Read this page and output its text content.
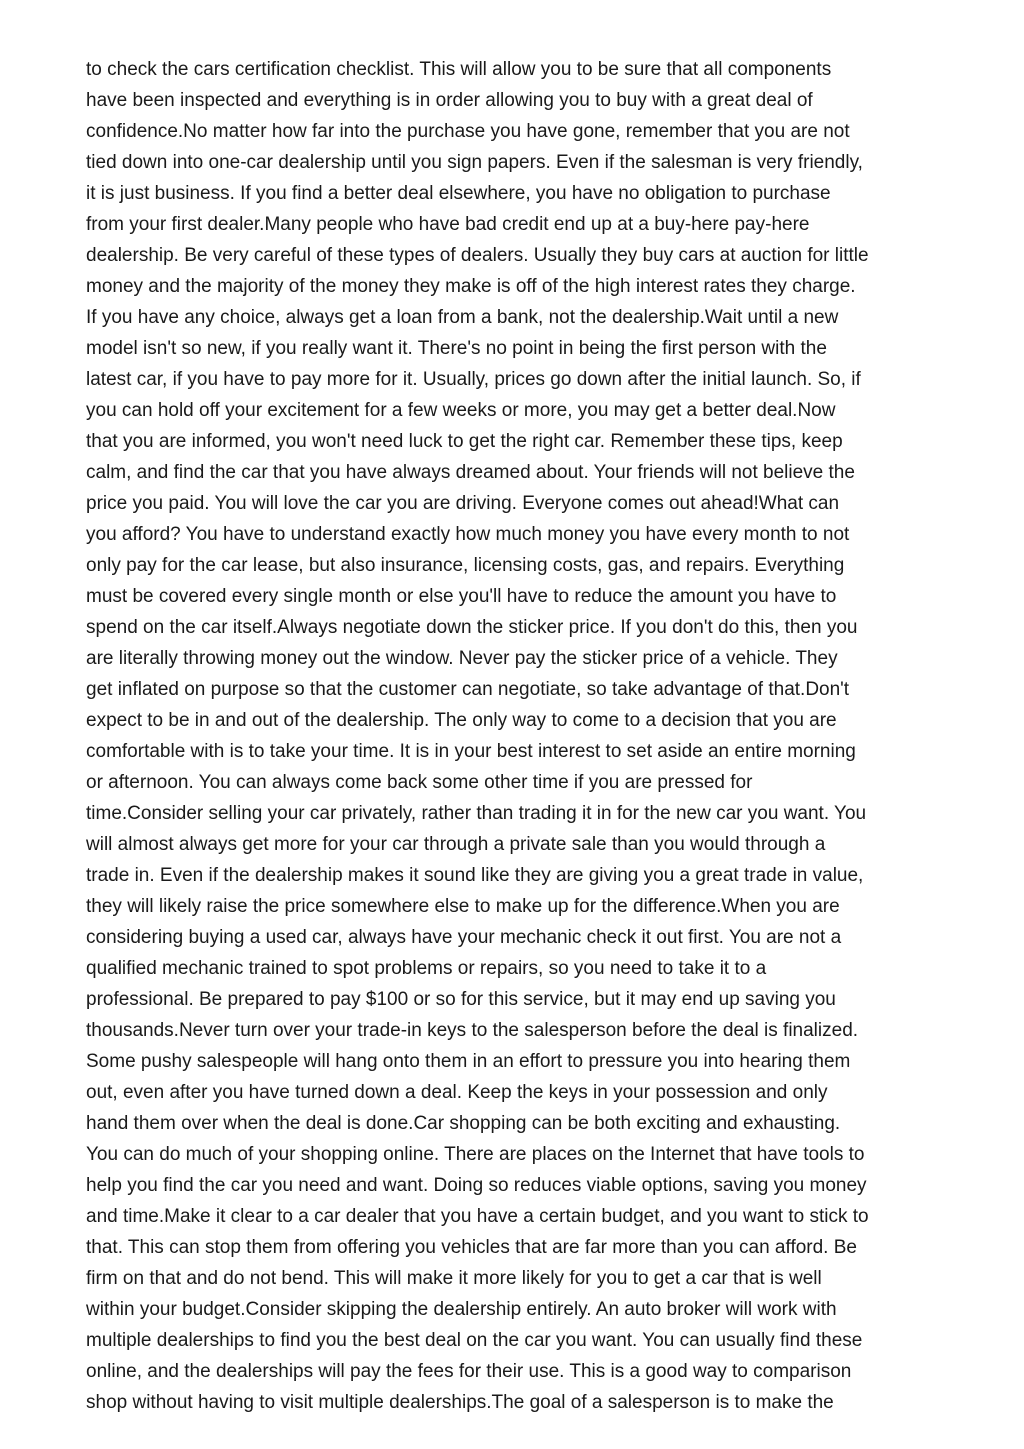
to check the cars certification checklist. This will allow you to be sure that all components
have been inspected and everything is in order allowing you to buy with a great deal of
confidence.No matter how far into the purchase you have gone, remember that you are not
tied down into one-car dealership until you sign papers. Even if the salesman is very friendly,
it is just business. If you find a better deal elsewhere, you have no obligation to purchase
from your first dealer.Many people who have bad credit end up at a buy-here pay-here
dealership. Be very careful of these types of dealers. Usually they buy cars at auction for little
money and the majority of the money they make is off of the high interest rates they charge.
If you have any choice, always get a loan from a bank, not the dealership.Wait until a new
model isn't so new, if you really want it. There's no point in being the first person with the
latest car, if you have to pay more for it. Usually, prices go down after the initial launch. So, if
you can hold off your excitement for a few weeks or more, you may get a better deal.Now
that you are informed, you won't need luck to get the right car. Remember these tips, keep
calm, and find the car that you have always dreamed about. Your friends will not believe the
price you paid. You will love the car you are driving. Everyone comes out ahead!What can
you afford? You have to understand exactly how much money you have every month to not
only pay for the car lease, but also insurance, licensing costs, gas, and repairs. Everything
must be covered every single month or else you'll have to reduce the amount you have to
spend on the car itself.Always negotiate down the sticker price. If you don't do this, then you
are literally throwing money out the window. Never pay the sticker price of a vehicle. They
get inflated on purpose so that the customer can negotiate, so take advantage of that.Don't
expect to be in and out of the dealership. The only way to come to a decision that you are
comfortable with is to take your time. It is in your best interest to set aside an entire morning
or afternoon. You can always come back some other time if you are pressed for
time.Consider selling your car privately, rather than trading it in for the new car you want. You
will almost always get more for your car through a private sale than you would through a
trade in. Even if the dealership makes it sound like they are giving you a great trade in value,
they will likely raise the price somewhere else to make up for the difference.When you are
considering buying a used car, always have your mechanic check it out first. You are not a
qualified mechanic trained to spot problems or repairs, so you need to take it to a
professional. Be prepared to pay $100 or so for this service, but it may end up saving you
thousands.Never turn over your trade-in keys to the salesperson before the deal is finalized.
Some pushy salespeople will hang onto them in an effort to pressure you into hearing them
out, even after you have turned down a deal. Keep the keys in your possession and only
hand them over when the deal is done.Car shopping can be both exciting and exhausting.
You can do much of your shopping online. There are places on the Internet that have tools to
help you find the car you need and want. Doing so reduces viable options, saving you money
and time.Make it clear to a car dealer that you have a certain budget, and you want to stick to
that. This can stop them from offering you vehicles that are far more than you can afford. Be
firm on that and do not bend. This will make it more likely for you to get a car that is well
within your budget.Consider skipping the dealership entirely. An auto broker will work with
multiple dealerships to find you the best deal on the car you want. You can usually find these
online, and the dealerships will pay the fees for their use. This is a good way to comparison
shop without having to visit multiple dealerships.The goal of a salesperson is to make the
